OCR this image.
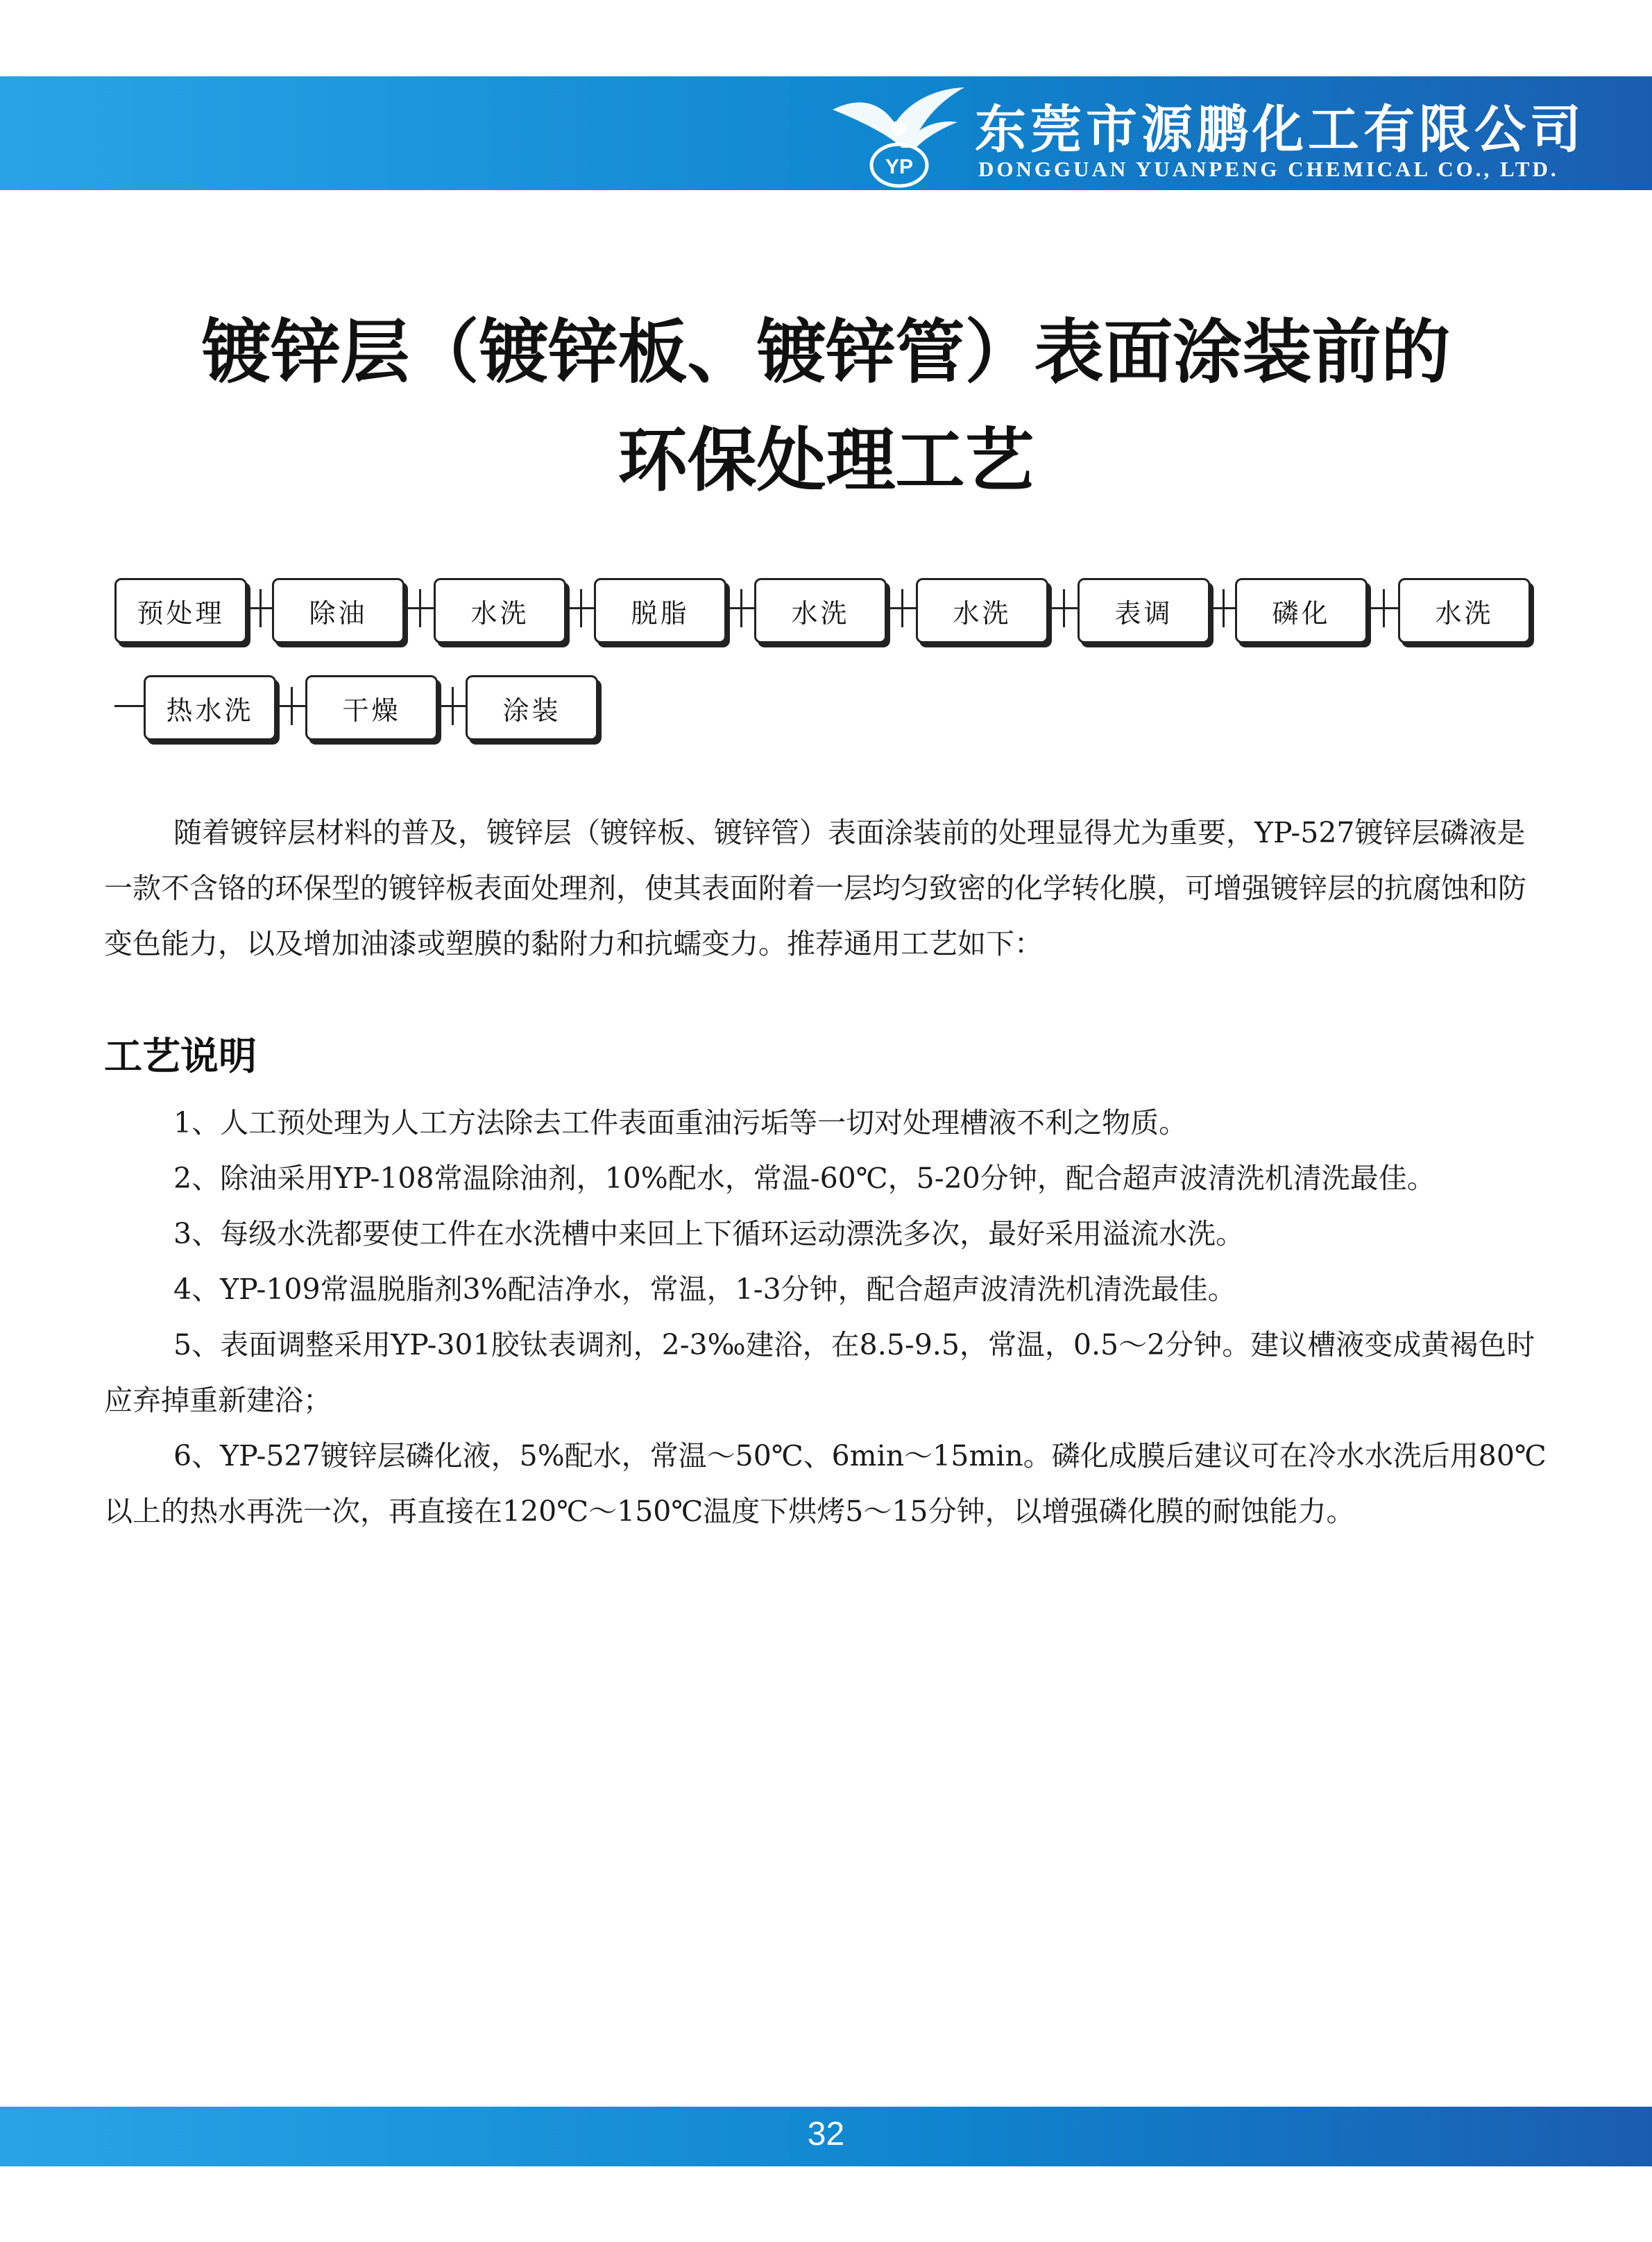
YP
东莞市源鹏化工有限公司
DONGGUAN YUANPENG CHEMICAL CO., LTD.
镀锌层（镀锌板、镀锌管）表面涂装前的
环保处理工艺
预处理	除油	水洗	脱脂	水洗	水洗	表调	磷化	水洗
热水洗	干燥	涂装
随着镀锌层材料的普及，镀锌层（镀锌板、镀锌管）表面涂装前的处理显得尤为重要，YP-527镀锌层磷液是一款不含铬的环保型的镀锌板表面处理剂，使其表面附着一层均匀致密的化学转化膜，可增强镀锌层的抗腐蚀和防变色能力，以及增加油漆或塑膜的黏附力和抗蠕变力。推荐通用工艺如下：
工艺说明

1、人工预处理为人工方法除去工件表面重油污垢等一切对处理槽液不利之物质。

2、除油采用YP-108常温除油剂，10%配水，常温-60℃，5-20分钟，配合超声波清洗机清洗最佳。

3、每级水洗都要使工件在水洗槽中来回上下循环运动漂洗多次，最好采用溢流水洗。

4、YP-109常温脱脂剂3%配洁净水，常温，1-3分钟，配合超声波清洗机清洗最佳。

5、表面调整采用YP-301胶钛表调剂，2-3‰建浴，在8.5-9.5，常温，0.5～2分钟。建议槽液变成黄褐色时应弃掉重新建浴；

6、YP-527镀锌层磷化液，5%配水，常温～50℃、6min～15min。磷化成膜后建议可在冷水水洗后用80℃以上的热水再洗一次，再直接在120℃～150℃温度下烘烤5～15分钟，以增强磷化膜的耐蚀能力。

32
